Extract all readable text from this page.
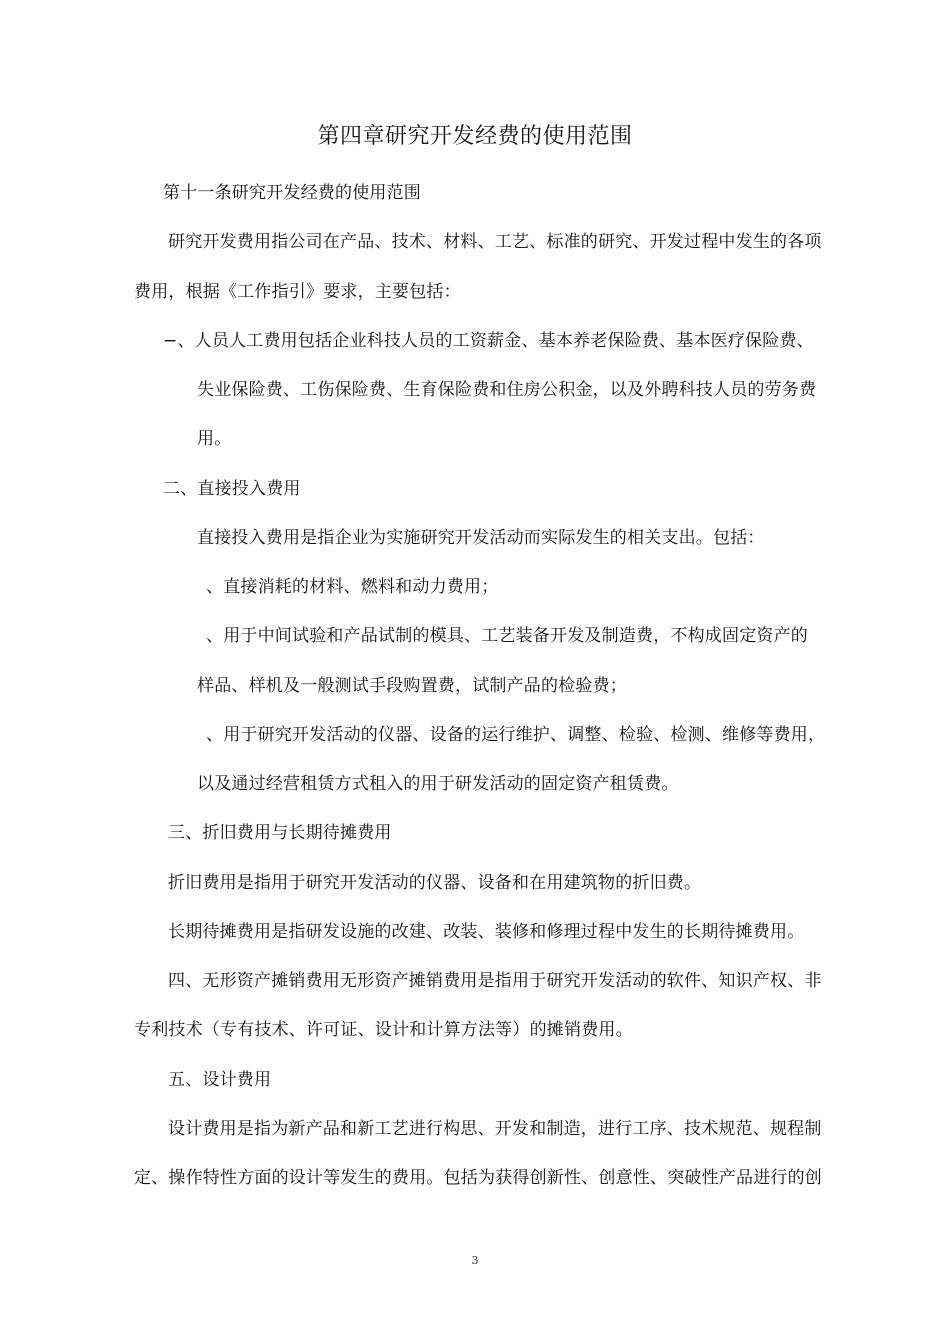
第四章研究开发经费的使用范围
第十一条研究开发经费的使用范围
研究开发费用指公司在产品、技术、材料、工艺、标准的研究、开发过程中发生的各项
费用，根据《工作指引》要求，主要包括：
−、人员人工费用包括企业科技人员的工资薪金、基本养老保险费、基本医疗保险费、
失业保险费、工伤保险费、生育保险费和住房公积金，以及外聘科技人员的劳务费
用。
二、直接投入费用
直接投入费用是指企业为实施研究开发活动而实际发生的相关支出。包括：
、直接消耗的材料、燃料和动力费用；
、用于中间试验和产品试制的模具、工艺装备开发及制造费，不构成固定资产的
样品、样机及一般测试手段购置费，试制产品的检验费；
、用于研究开发活动的仪器、设备的运行维护、调整、检验、检测、维修等费用，
以及通过经营租赁方式租入的用于研发活动的固定资产租赁费。
三、折旧费用与长期待摊费用
折旧费用是指用于研究开发活动的仪器、设备和在用建筑物的折旧费。
长期待摊费用是指研发设施的改建、改装、装修和修理过程中发生的长期待摊费用。
四、无形资产摊销费用无形资产摊销费用是指用于研究开发活动的软件、知识产权、非
专利技术（专有技术、许可证、设计和计算方法等）的摊销费用。
五、设计费用
设计费用是指为新产品和新工艺进行构思、开发和制造，进行工序、技术规范、规程制
定、操作特性方面的设计等发生的费用。包括为获得创新性、创意性、突破性产品进行的创
3
